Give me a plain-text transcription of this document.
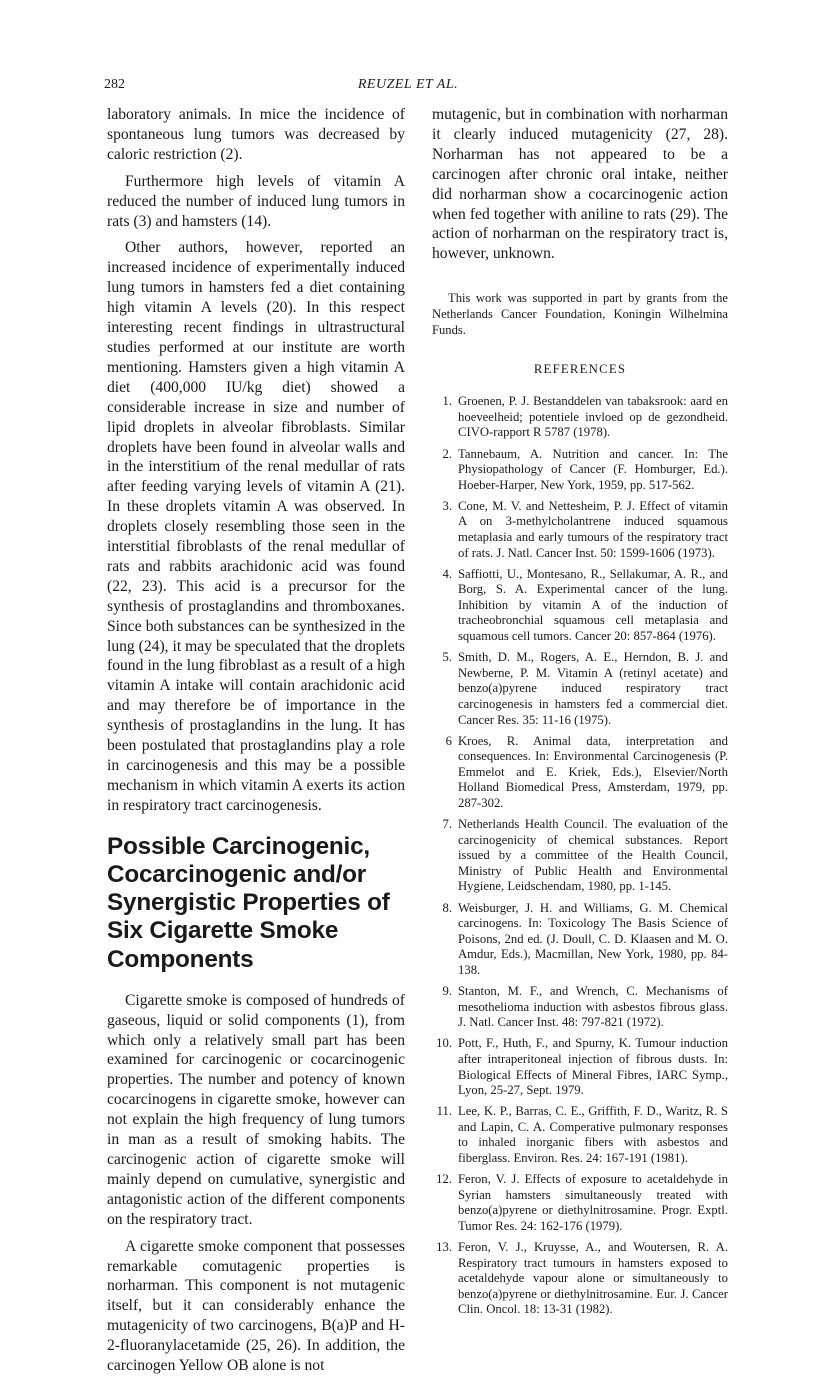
282	REUZEL ET AL.

laboratory animals. In mice the incidence of spontaneous lung tumors was decreased by caloric restriction (2).

Furthermore high levels of vitamin A reduced the number of induced lung tumors in rats (3) and hamsters (14).

Other authors, however, reported an increased incidence of experimentally induced lung tumors in hamsters fed a diet containing high vitamin A levels (20). In this respect interesting recent findings in ultrastructural studies performed at our institute are worth mentioning. Hamsters given a high vitamin A diet (400,000 IU/kg diet) showed a considerable increase in size and number of lipid droplets in alveolar fibroblasts. Similar droplets have been found in alveolar walls and in the interstitium of the renal medullar of rats after feeding varying levels of vitamin A (21). In these droplets vitamin A was observed. In droplets closely resembling those seen in the interstitial fibroblasts of the renal medullar of rats and rabbits arachidonic acid was found (22, 23). This acid is a precursor for the synthesis of prostaglandins and thromboxanes. Since both substances can be synthesized in the lung (24), it may be speculated that the droplets found in the lung fibroblast as a result of a high vitamin A intake will contain arachidonic acid and may therefore be of importance in the synthesis of prostaglandins in the lung. It has been postulated that prostaglandins play a role in carcinogenesis and this may be a possible mechanism in which vitamin A exerts its action in respiratory tract carcinogenesis.

Possible Carcinogenic, Cocarcinogenic and/or Synergistic Properties of Six Cigarette Smoke Components

Cigarette smoke is composed of hundreds of gaseous, liquid or solid components (1), from which only a relatively small part has been examined for carcinogenic or cocarcinogenic properties. The number and potency of known cocarcinogens in cigarette smoke, however can not explain the high frequency of lung tumors in man as a result of smoking habits. The carcinogenic action of cigarette smoke will mainly depend on cumulative, synergistic and antagonistic action of the different components on the respiratory tract.

A cigarette smoke component that possesses remarkable comutagenic properties is norharman. This component is not mutagenic itself, but it can considerably enhance the mutagenicity of two carcinogens, B(a)P and H-2-fluoranylacetamide (25, 26). In addition, the carcinogen Yellow OB alone is not

mutagenic, but in combination with norharman it clearly induced mutagenicity (27, 28). Norharman has not appeared to be a carcinogen after chronic oral intake, neither did norharman show a cocarcinogenic action when fed together with aniline to rats (29). The action of norharman on the respiratory tract is, however, unknown.

This work was supported in part by grants from the Netherlands Cancer Foundation, Koningin Wilhelmina Funds.

REFERENCES
1. Groenen, P. J. Bestanddelen van tabaksrook: aard en hoeveelheid; potentiele invloed op de gezondheid. CIVO-rapport R 5787 (1978).
2. Tannebaum, A. Nutrition and cancer. In: The Physiopathology of Cancer (F. Homburger, Ed.). Hoeber-Harper, New York, 1959, pp. 517-562.
3. Cone, M. V. and Nettesheim, P. J. Effect of vitamin A on 3-methylcholantrene induced squamous metaplasia and early tumours of the respiratory tract of rats. J. Natl. Cancer Inst. 50: 1599-1606 (1973).
4. Saffiotti, U., Montesano, R., Sellakumar, A. R., and Borg, S. A. Experimental cancer of the lung. Inhibition by vitamin A of the induction of tracheobronchial squamous cell metaplasia and squamous cell tumors. Cancer 20: 857-864 (1976).
5. Smith, D. M., Rogers, A. E., Herndon, B. J. and Newberne, P. M. Vitamin A (retinyl acetate) and benzo(a)pyrene induced respiratory tract carcinogenesis in hamsters fed a commercial diet. Cancer Res. 35: 11-16 (1975).
6 Kroes, R. Animal data, interpretation and consequences. In: Environmental Carcinogenesis (P. Emmelot and E. Kriek, Eds.), Elsevier/North Holland Biomedical Press, Amsterdam, 1979, pp. 287-302.
7. Netherlands Health Council. The evaluation of the carcinogenicity of chemical substances. Report issued by a committee of the Health Council, Ministry of Public Health and Environmental Hygiene, Leidschendam, 1980, pp. 1-145.
8. Weisburger, J. H. and Williams, G. M. Chemical carcinogens. In: Toxicology The Basis Science of Poisons, 2nd ed. (J. Doull, C. D. Klaasen and M. O. Amdur, Eds.), Macmillan, New York, 1980, pp. 84-138.
9. Stanton, M. F., and Wrench, C. Mechanisms of mesothelioma induction with asbestos fibrous glass. J. Natl. Cancer Inst. 48: 797-821 (1972).
10. Pott, F., Huth, F., and Spurny, K. Tumour induction after intraperitoneal injection of fibrous dusts. In: Biological Effects of Mineral Fibres, IARC Symp., Lyon, 25-27, Sept. 1979.
11. Lee, K. P., Barras, C. E., Griffith, F. D., Waritz, R. S and Lapin, C. A. Comperative pulmonary responses to inhaled inorganic fibers with asbestos and fiberglass. Environ. Res. 24: 167-191 (1981).
12. Feron, V. J. Effects of exposure to acetaldehyde in Syrian hamsters simultaneously treated with benzo(a)pyrene or diethylnitrosamine. Progr. Exptl. Tumor Res. 24: 162-176 (1979).
13. Feron, V. J., Kruysse, A., and Woutersen, R. A. Respiratory tract tumours in hamsters exposed to acetaldehyde vapour alone or simultaneously to benzo(a)pyrene or diethylnitrosamine. Eur. J. Cancer Clin. Oncol. 18: 13-31 (1982).
